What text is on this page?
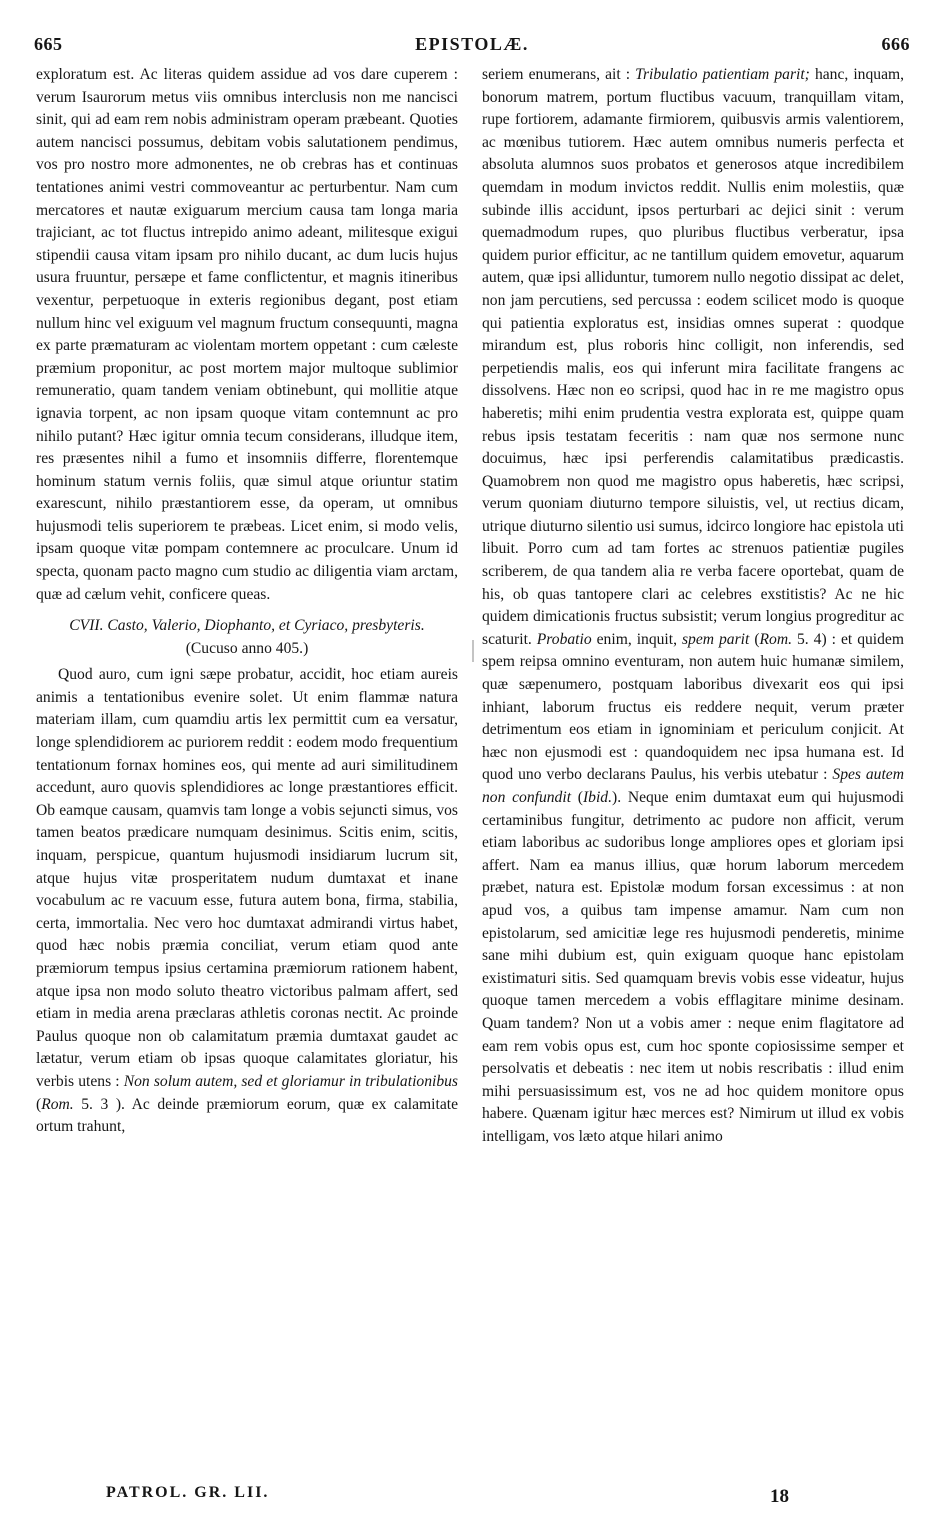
665	EPISTOLÆ.	666

exploratum est. Ac literas quidem assidue ad vos dare cuperem : verum Isaurorum metus viis omnibus interclusis non me nancisci sinit, qui ad eam rem nobis administram operam præbeant. Quoties autem nancisci possumus, debitam vobis salutationem pendimus, vos pro nostro more admonentes, ne ob crebras has et continuas tentationes animi vestri commoveantur ac perturbentur. Nam cum mercatores et nautæ exiguarum mercium causa tam longa maria trajiciant, ac tot fluctus intrepido animo adeant, militesque exigui stipendii causa vitam ipsam pro nihilo ducant, ac dum lucis hujus usura fruuntur, persæpe et fame conflictentur, et magnis itineribus vexentur, perpetuoque in exteris regionibus degant, post etiam nullum hinc vel exiguum vel magnum fructum consequunti, magna ex parte præmaturam ac violentam mortem oppetant : cum cæleste præmium proponitur, ac post mortem major multoque sublimior remuneratio, quam tandem veniam obtinebunt, qui mollitie atque ignavia torpent, ac non ipsam quoque vitam contemnunt ac pro nihilo putant? Hæc igitur omnia tecum considerans, illudque item, res præsentes nihil a fumo et insomniis differre, florentemque hominum statum vernis foliis, quæ simul atque oriuntur statim exarescunt, nihilo præstantiorem esse, da operam, ut omnibus hujusmodi telis superiorem te præbeas. Licet enim, si modo velis, ipsam quoque vitæ pompam contemnere ac proculcare. Unum id specta, quonam pacto magno cum studio ac diligentia viam arctam, quæ ad cælum vehit, conficere queas.

CVII. Casto, Valerio, Diophanto, et Cyriaco, presbyteris. (Cucuso anno 405.)

Quod auro, cum igni sæpe probatur, accidit, hoc etiam aureis animis a tentationibus evenire solet. Ut enim flammæ natura materiam illam, cum quamdiu artis lex permittit cum ea versatur, longe splendidiorem ac puriorem reddit : eodem modo frequentium tentationum fornax homines eos, qui mente ad auri similitudinem accedunt, auro quovis splendidiores ac longe præstantiores efficit. Ob eamque causam, quamvis tam longe a vobis sejuncti simus, vos tamen beatos prædicare numquam desinimus. Scitis enim, scitis, inquam, perspicue, quantum hujusmodi insidiarum lucrum sit, atque hujus vitæ prosperitatem nudum dumtaxat et inane vocabulum ac re vacuum esse, futura autem bona, firma, stabilia, certa, immortalia. Nec vero hoc dumtaxat admirandi virtus habet, quod hæc nobis præmia conciliat, verum etiam quod ante præmiorum tempus ipsius certamina præmiorum rationem habent, atque ipsa non modo soluto theatro victoribus palmam affert, sed etiam in media arena præclaras athletis coronas nectit. Ac proinde Paulus quoque non ob calamitatum præmia dumtaxat gaudet ac lætatur, verum etiam ob ipsas quoque calamitates gloriatur, his verbis utens : Non solum autem, sed et gloriamur in tribulationibus (Rom. 5. 3 ). Ac deinde præmiorum eorum, quæ ex calamitate ortum trahunt,

seriem enumerans, ait : Tribulatio patientiam parit; hanc, inquam, bonorum matrem, portum fluctibus vacuum, tranquillam vitam, rupe fortiorem, adamante firmiorem, quibusvis armis valentiorem, ac mœnibus tutiorem. Hæc autem omnibus numeris perfecta et absoluta alumnos suos probatos et generosos atque incredibilem quemdam in modum invictos reddit. Nullis enim molestiis, quæ subinde illis accidunt, ipsos perturbari ac dejici sinit : verum quemadmodum rupes, quo pluribus fluctibus verberatur, ipsa quidem purior efficitur, ac ne tantillum quidem emovetur, aquarum autem, quæ ipsi alliduntur, tumorem nullo negotio dissipat ac delet, non jam percutiens, sed percussa : eodem scilicet modo is quoque qui patientia exploratus est, insidias omnes superat : quodque mirandum est, plus roboris hinc colligit, non inferendis, sed perpetiendis malis, eos qui inferunt mira facilitate frangens ac dissolvens. Hæc non eo scripsi, quod hac in re me magistro opus haberetis; mihi enim prudentia vestra explorata est, quippe quam rebus ipsis testatam feceritis : nam quæ nos sermone nunc docuimus, hæc ipsi perferendis calamitatibus prædicastis. Quamobrem non quod me magistro opus haberetis, hæc scripsi, verum quoniam diuturno tempore siluistis, vel, ut rectius dicam, utrique diuturno silentio usi sumus, idcirco longiore hac epistola uti libuit. Porro cum ad tam fortes ac strenuos patientiæ pugiles scriberem, de qua tandem alia re verba facere oportebat, quam de his, ob quas tantopere clari ac celebres exstitistis? Ac ne hic quidem dimicationis fructus subsistit; verum longius progreditur ac scaturit. Probatio enim, inquit, spem parit (Rom. 5. 4) : et quidem spem reipsa omnino eventuram, non autem huic humanæ similem, quæ sæpenumero, postquam laboribus divexarit eos qui ipsi inhiant, laborum fructus eis reddere nequit, verum præter detrimentum eos etiam in ignominiam et periculum conjicit. At hæc non ejusmodi est : quandoquidem nec ipsa humana est. Id quod uno verbo declarans Paulus, his verbis utebatur : Spes autem non confundit (Ibid.). Neque enim dumtaxat eum qui hujusmodi certaminibus fungitur, detrimento ac pudore non afficit, verum etiam laboribus ac sudoribus longe ampliores opes et gloriam ipsi affert. Nam ea manus illius, quæ horum laborum mercedem præbet, natura est. Epistolæ modum forsan excessimus : at non apud vos, a quibus tam impense amamur. Nam cum non epistolarum, sed amicitiæ lege res hujusmodi penderetis, minime sane mihi dubium est, quin exiguam quoque hanc epistolam existimaturi sitis. Sed quamquam brevis vobis esse videatur, hujus quoque tamen mercedem a vobis efflagitare minime desinam. Quam tandem? Non ut a vobis amer : neque enim flagitatore ad eam rem vobis opus est, cum hoc sponte copiosissime semper et persolvatis et debeatis : nec item ut nobis rescribatis : illud enim mihi persuasissimum est, vos ne ad hoc quidem monitore opus habere. Quænam igitur hæc merces est? Nimirum ut illud ex vobis intelligam, vos læto atque hilari animo

PATROL. GR. LII.	18
